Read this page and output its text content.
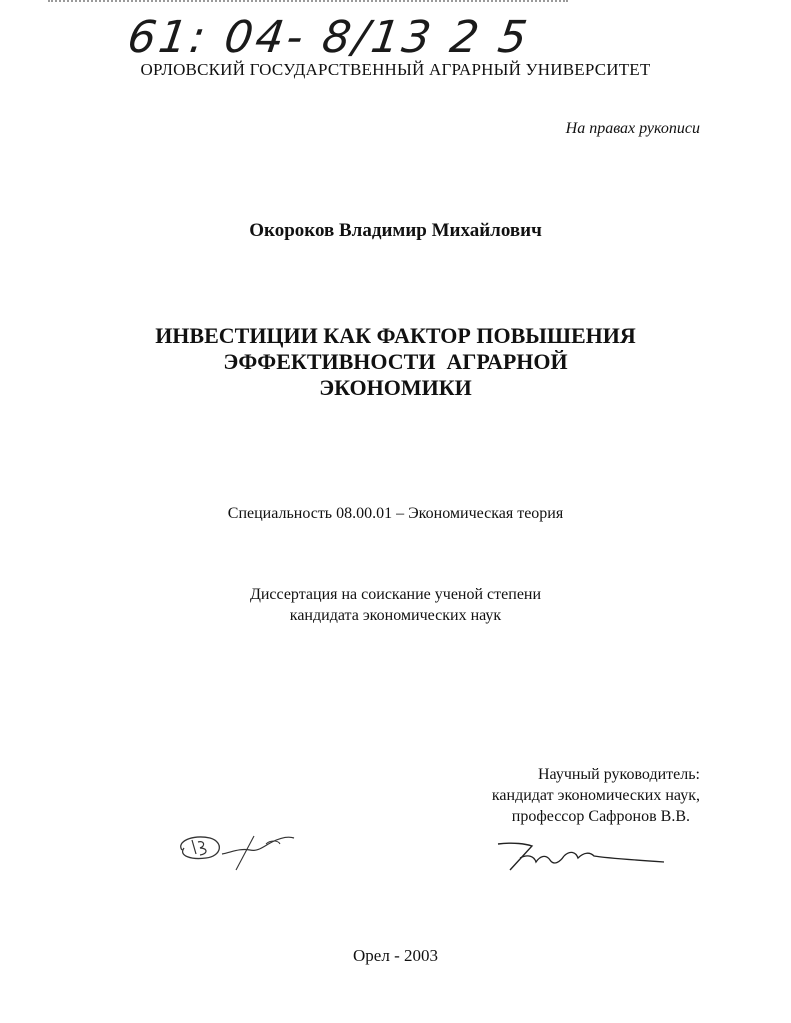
61: 04- 8/13 2 5
ОРЛОВСКИЙ ГОСУДАРСТВЕННЫЙ АГРАРНЫЙ УНИВЕРСИТЕТ
На правах рукописи
Окороков Владимир Михайлович
ИНВЕСТИЦИИ КАК ФАКТОР ПОВЫШЕНИЯ
ЭФФЕКТИВНОСТИ  АГРАРНОЙ
ЭКОНОМИКИ
Специальность 08.00.01 – Экономическая теория
Диссертация на соискание ученой степени
кандидата экономических наук
Научный руководитель:
кандидат экономических наук,
профессор Сафронов В.В.
Орел - 2003
